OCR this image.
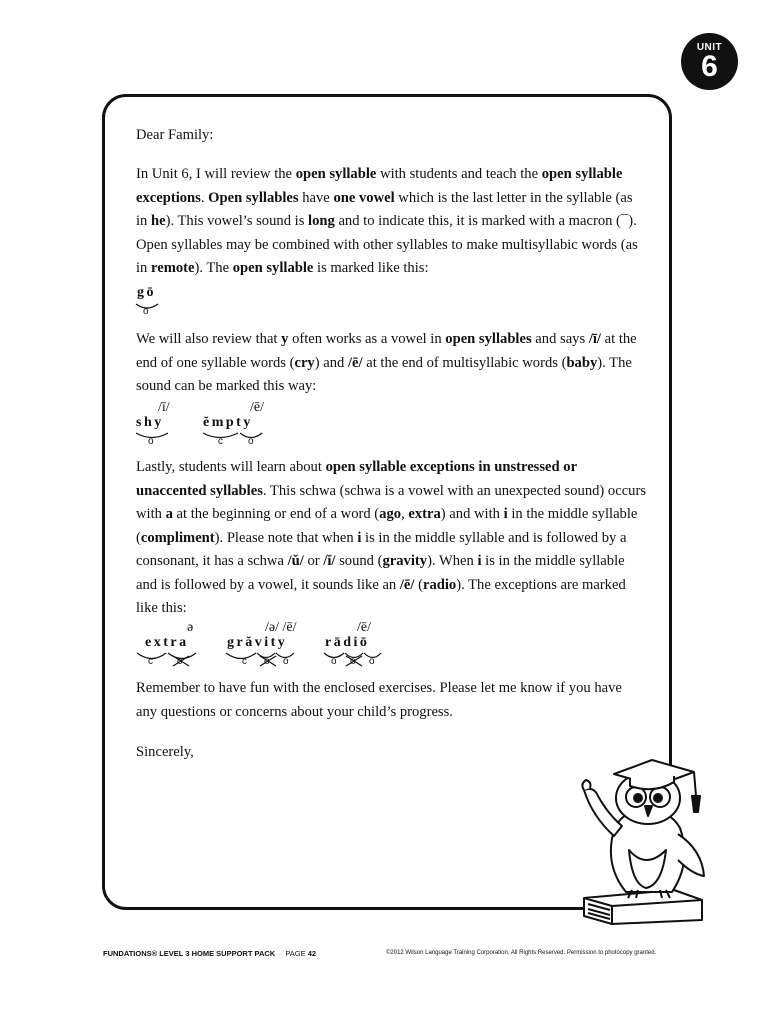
UNIT
6
Dear Family:
In Unit 6, I will review the open syllable with students and teach the open syllable exceptions. Open syllables have one vowel which is the last letter in the syllable (as in he). This vowel’s sound is long and to indicate this, it is marked with a macron (¯). Open syllables may be combined with other syllables to make multisyllabic words (as in remote). The open syllable is marked like this:
gō
o
We will also review that y often works as a vowel in open syllables and says /ī/ at the end of one syllable words (cry) and /ē/ at the end of multisyllabic words (baby). The sound can be marked this way:
/ī/
shy
o
/ē/
ĕmpty
c	o
Lastly, students will learn about open syllable exceptions in unstressed or unaccented syllables. This schwa (schwa is a vowel with an unexpected sound) occurs with a at the beginning or end of a word (ago, extra) and with i in the middle syllable (compliment). Please note that when i is in the middle syllable and is followed by a consonant, it has a schwa /ŭ/ or /ĭ/ sound (gravity). When i is in the middle syllable and is followed by a vowel, it sounds like an /ē/ (radio). The exceptions are marked like this:
ə
extra
c o
/ə/ /ē/
grăvity
c o o
/ē/
rādiō
o o o
Remember to have fun with the enclosed exercises. Please let me know if you have any questions or concerns about your child’s progress.
Sincerely,
FUNDATIONS® LEVEL 3 HOME SUPPORT PACK PAGE 42	©2012 Wilson Language Training Corporation. All Rights Reserved. Permission to photocopy granted.
